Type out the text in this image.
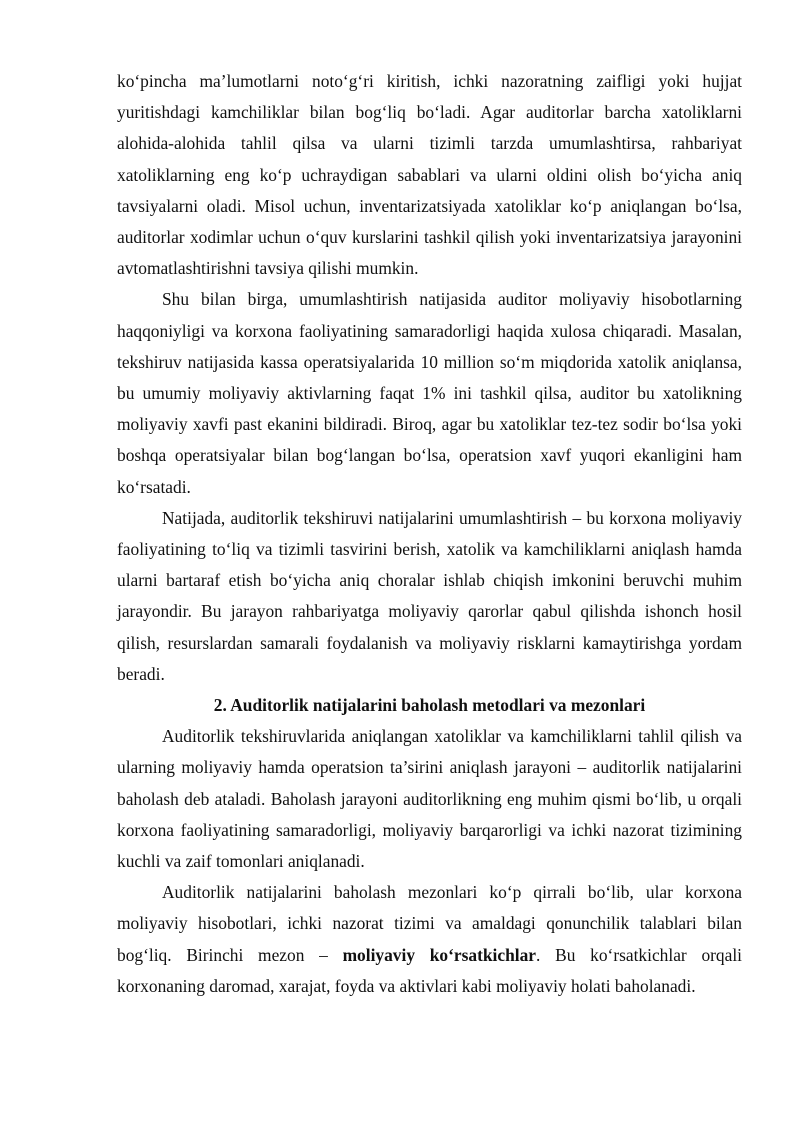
ko‘pincha ma’lumotlarni noto‘g‘ri kiritish, ichki nazoratning zaifligi yoki hujjat yuritishdagi kamchiliklar bilan bog‘liq bo‘ladi. Agar auditorlar barcha xatoliklarni alohida-alohida tahlil qilsa va ularni tizimli tarzda umumlashtirsa, rahbariyat xatoliklarning eng ko‘p uchraydigan sabablari va ularni oldini olish bo‘yicha aniq tavsiyalarni oladi. Misol uchun, inventarizatsiyada xatoliklar ko‘p aniqlangan bo‘lsa, auditorlar xodimlar uchun o‘quv kurslarini tashkil qilish yoki inventarizatsiya jarayonini avtomatlashtirishni tavsiya qilishi mumkin.

Shu bilan birga, umumlashtirish natijasida auditor moliyaviy hisobotlarning haqqoniyligi va korxona faoliyatining samaradorligi haqida xulosa chiqaradi. Masalan, tekshiruv natijasida kassa operatsiyalarida 10 million so‘m miqdorida xatolik aniqlansa, bu umumiy moliyaviy aktivlarning faqat 1% ini tashkil qilsa, auditor bu xatolikning moliyaviy xavfi past ekanini bildiradi. Biroq, agar bu xatoliklar tez-tez sodir bo‘lsa yoki boshqa operatsiyalar bilan bog‘langan bo‘lsa, operatsion xavf yuqori ekanligini ham ko‘rsatadi.

Natijada, auditorlik tekshiruvi natijalarini umumlashtirish – bu korxona moliyaviy faoliyatining to‘liq va tizimli tasvirini berish, xatolik va kamchiliklarni aniqlash hamda ularni bartaraf etish bo‘yicha aniq choralar ishlab chiqish imkonini beruvchi muhim jarayondir. Bu jarayon rahbariyatga moliyaviy qarorlar qabul qilishda ishonch hosil qilish, resurslardan samarali foydalanish va moliyaviy risklarni kamaytirishga yordam beradi.

2. Auditorlik natijalarini baholash metodlari va mezonlari

Auditorlik tekshiruvlarida aniqlangan xatoliklar va kamchiliklarni tahlil qilish va ularning moliyaviy hamda operatsion ta’sirini aniqlash jarayoni – auditorlik natijalarini baholash deb ataladi. Baholash jarayoni auditorlikning eng muhim qismi bo‘lib, u orqali korxona faoliyatining samaradorligi, moliyaviy barqarorligi va ichki nazorat tizimining kuchli va zaif tomonlari aniqlanadi.

Auditorlik natijalarini baholash mezonlari ko‘p qirrali bo‘lib, ular korxona moliyaviy hisobotlari, ichki nazorat tizimi va amaldagi qonunchilik talablari bilan bog‘liq. Birinchi mezon – moliyaviy ko‘rsatkichlar. Bu ko‘rsatkichlar orqali korxonaning daromad, xarajat, foyda va aktivlari kabi moliyaviy holati baholanadi.
